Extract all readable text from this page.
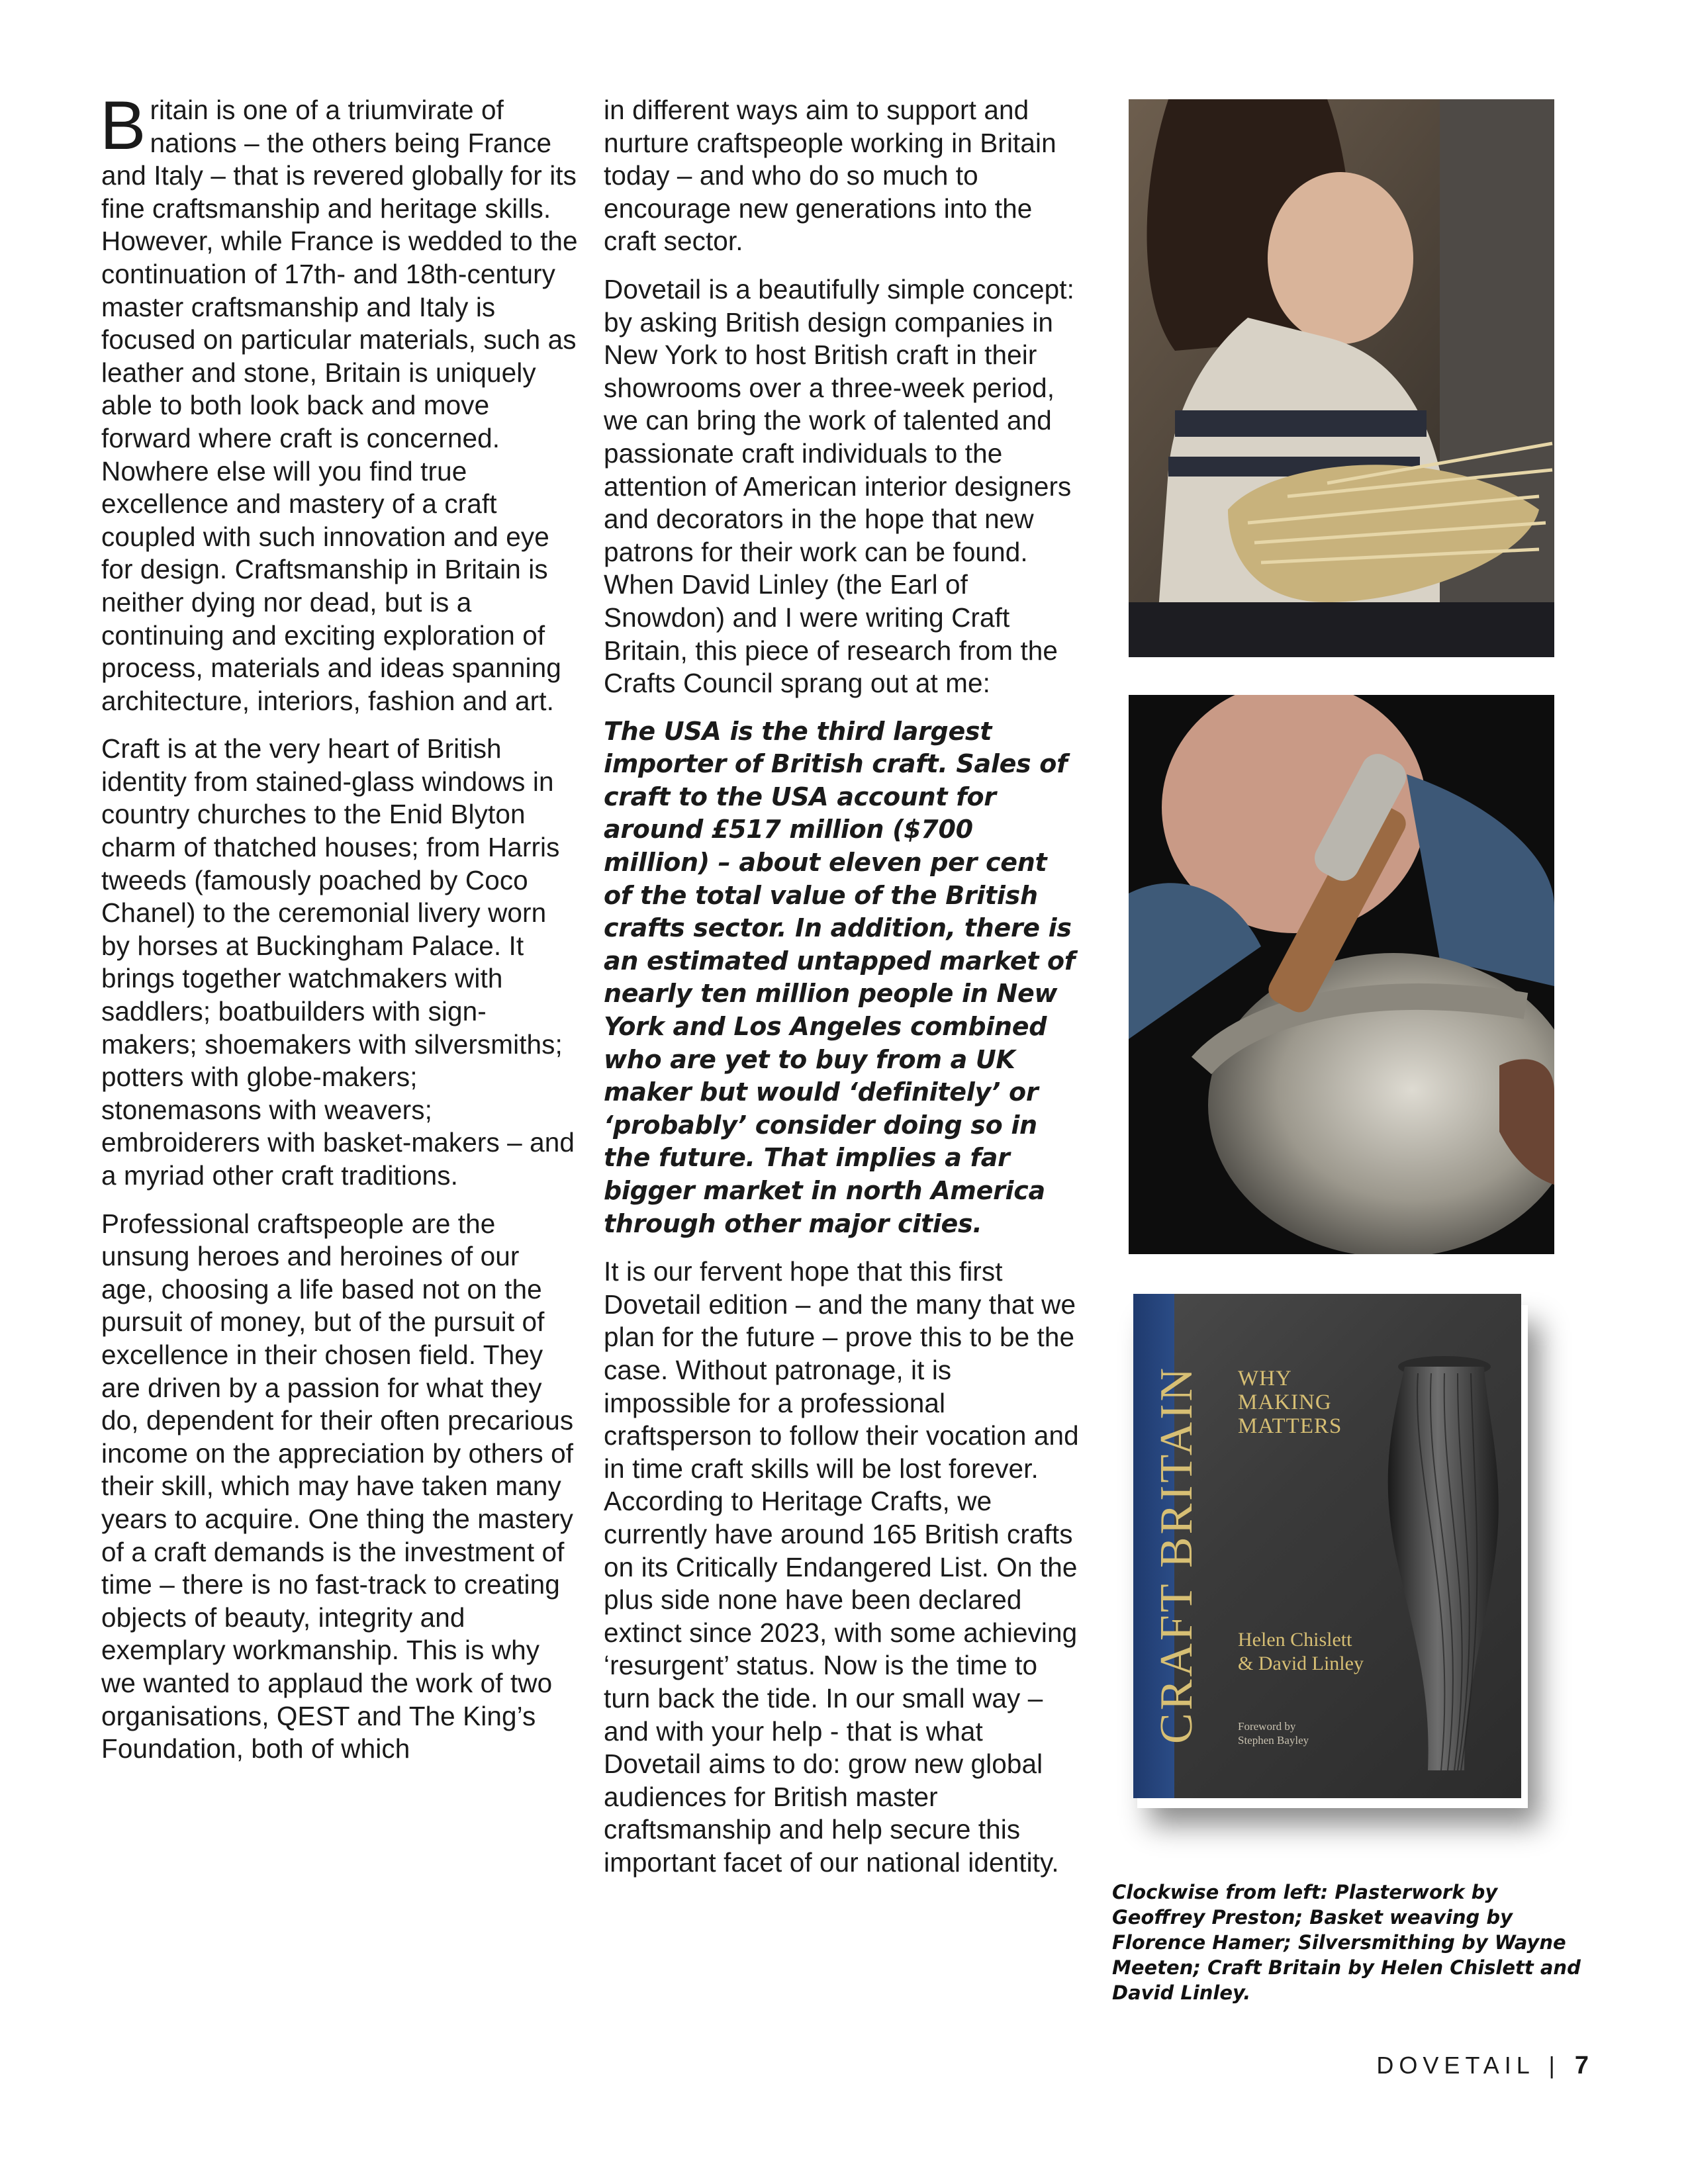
Britain is one of a triumvirate of nations – the others being France and Italy – that is revered globally for its fine craftsmanship and heritage skills. However, while France is wedded to the continuation of 17th- and 18th-century master craftsmanship and Italy is focused on particular materials, such as leather and stone, Britain is uniquely able to both look back and move forward where craft is concerned. Nowhere else will you find true excellence and mastery of a craft coupled with such innovation and eye for design. Craftsmanship in Britain is neither dying nor dead, but is a continuing and exciting exploration of process, materials and ideas spanning architecture, interiors, fashion and art.

Craft is at the very heart of British identity from stained-glass windows in country churches to the Enid Blyton charm of thatched houses; from Harris tweeds (famously poached by Coco Chanel) to the ceremonial livery worn by horses at Buckingham Palace. It brings together watchmakers with saddlers; boatbuilders with sign-makers; shoemakers with silversmiths; potters with globe-makers; stonemasons with weavers; embroiderers with basket-makers – and a myriad other craft traditions.

Professional craftspeople are the unsung heroes and heroines of our age, choosing a life based not on the pursuit of money, but of the pursuit of excellence in their chosen field. They are driven by a passion for what they do, dependent for their often precarious income on the appreciation by others of their skill, which may have taken many years to acquire. One thing the mastery of a craft demands is the investment of time – there is no fast-track to creating objects of beauty, integrity and exemplary workmanship. This is why we wanted to applaud the work of two organisations, QEST and The King’s Foundation, both of which

in different ways aim to support and nurture craftspeople working in Britain today – and who do so much to encourage new generations into the craft sector.

Dovetail is a beautifully simple concept: by asking British design companies in New York to host British craft in their showrooms over a three-week period, we can bring the work of talented and passionate craft individuals to the attention of American interior designers and decorators in the hope that new patrons for their work can be found. When David Linley (the Earl of Snowdon) and I were writing Craft Britain, this piece of research from the Crafts Council sprang out at me:

The USA is the third largest importer of British craft. Sales of craft to the USA account for around £517 million ($700 million) – about eleven per cent of the total value of the British crafts sector. In addition, there is an estimated untapped market of nearly ten million people in New York and Los Angeles combined who are yet to buy from a UK maker but would ‘definitely’ or ‘probably’ consider doing so in the future. That implies a far bigger market in north America through other major cities.

It is our fervent hope that this first Dovetail edition – and the many that we plan for the future – prove this to be the case. Without patronage, it is impossible for a professional craftsperson to follow their vocation and in time craft skills will be lost forever. According to Heritage Crafts, we currently have around 165 British crafts on its Critically Endangered List. On the plus side none have been declared extinct since 2023, with some achieving ‘resurgent’ status. Now is the time to turn back the tide. In our small way – and with your help - that is what Dovetail aims to do: grow new global audiences for British master craftsmanship and help secure this important facet of our national identity.

CRAFT BRITAIN WHY
MAKING
MATTERS
Helen Chislett
& David Linley
Foreword by
Stephen Bayley
Clockwise from left: Plasterwork by Geoffrey Preston; Basket weaving by Florence Hamer; Silversmithing by Wayne Meeten; Craft Britain by Helen Chislett and David Linley.
DOVETAIL | 7
